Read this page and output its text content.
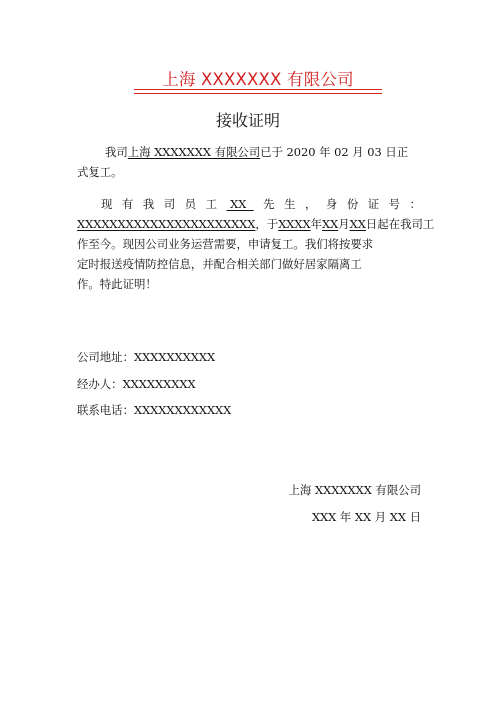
上海 XXXXXXX 有限公司
接收证明
我司上海 XXXXXXX 有限公司已于 2020 年 02 月 03 日正
式复工。
现 有 我 司 员 工 XX 先 生 ， 身 份 证 号 ：
XXXXXXXXXXXXXXXXXXXXXX，于XXXX年XX月XX日起在我司工
作至今。现因公司业务运营需要，申请复工。我们将按要求
定时报送疫情防控信息，并配合相关部门做好居家隔离工
作。特此证明！
公司地址：XXXXXXXXXX
经办人：XXXXXXXXX
联系电话：XXXXXXXXXXXX
上海 XXXXXXX 有限公司
XXX 年 XX 月 XX 日
